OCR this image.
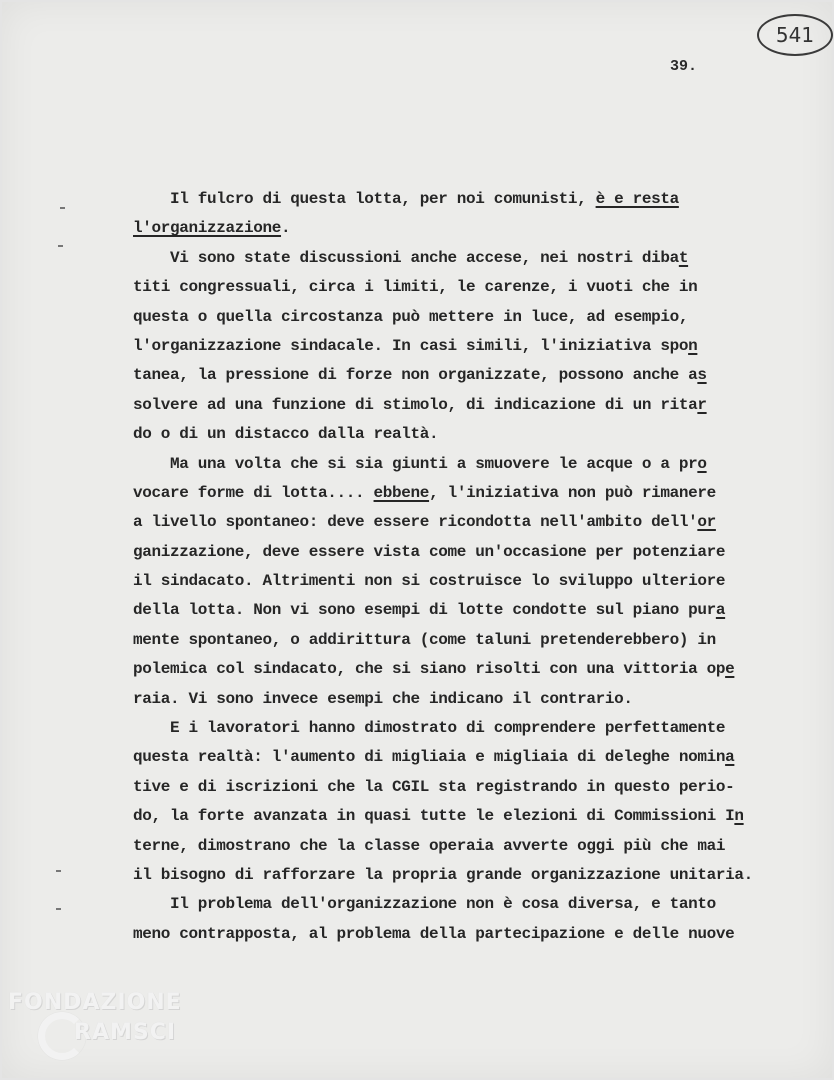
541
39.
Il fulcro di questa lotta, per noi comunisti, è e resta
l'organizzazione.
Vi sono state discussioni anche accese, nei nostri dibat
titi congressuali, circa i limiti, le carenze, i vuoti che in
questa o quella circostanza può mettere in luce, ad esempio,
l'organizzazione sindacale. In casi simili, l'iniziativa spon
tanea, la pressione di forze non organizzate, possono anche as
solvere ad una funzione di stimolo, di indicazione di un ritar
do o di un distacco dalla realtà.
Ma una volta che si sia giunti a smuovere le acque o a pro
vocare forme di lotta.... ebbene, l'iniziativa non può rimanere
a livello spontaneo: deve essere ricondotta nell'ambito dell'or
ganizzazione, deve essere vista come un'occasione per potenziare
il sindacato. Altrimenti non si costruisce lo sviluppo ulteriore
della lotta. Non vi sono esempi di lotte condotte sul piano pura
mente spontaneo, o addirittura (come taluni pretenderebbero) in
polemica col sindacato, che si siano risolti con una vittoria ope
raia. Vi sono invece esempi che indicano il contrario.
E i lavoratori hanno dimostrato di comprendere perfettamente
questa realtà: l'aumento di migliaia e migliaia di deleghe nomina
tive e di iscrizioni che la CGIL sta registrando in questo perio-
do, la forte avanzata in quasi tutte le elezioni di Commissioni In
terne, dimostrano che la classe operaia avverte oggi più che mai
il bisogno di rafforzare la propria grande organizzazione unitaria.
Il problema dell'organizzazione non è cosa diversa, e tanto
meno contrapposta, al problema della partecipazione e delle nuove
FONDAZIONE
RAMSCI
